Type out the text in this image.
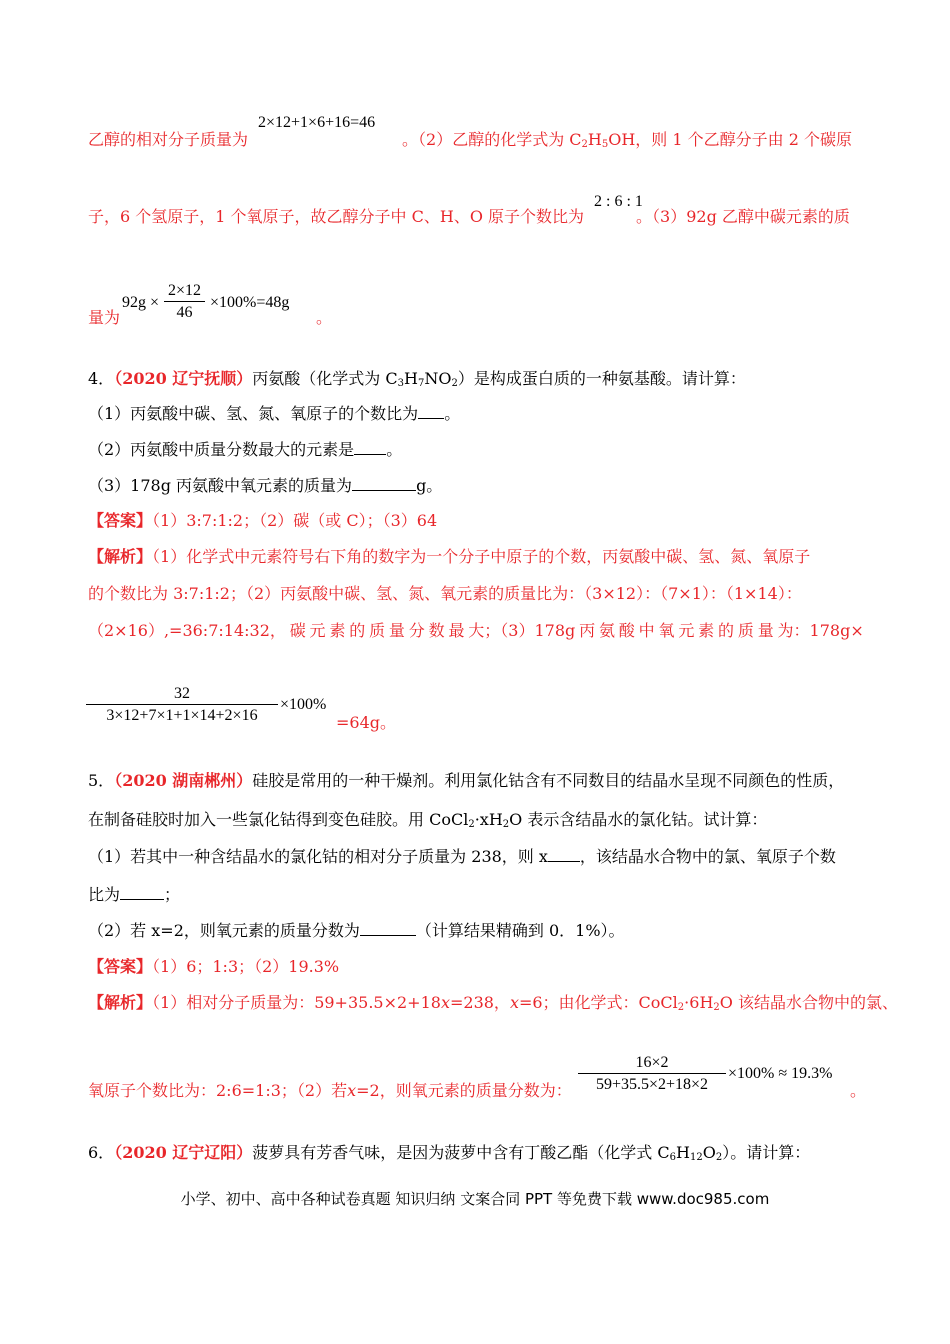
2×12+1×6+16=46
乙醇的相对分子质量为	。（2）乙醇的化学式为 $C_2H_5OH$，则 1 个乙醇分子由 2 个碳原
2 : 6 : 1
子，6 个氢原子，1 个氧原子，故乙醇分子中 C、H、O 原子个数比为	。（3）92g 乙醇中碳元素的质
92g ×
2×12
46
×100%=48g
量为	。
4．（2020 辽宁抚顺）丙氨酸（化学式为 $C_3H_7NO_2$）是构成蛋白质的一种氨基酸。请计算：
（1）丙氨酸中碳、氢、氮、氧原子的个数比为 。
（2）丙氨酸中质量分数最大的元素是 。
（3）178g 丙氨酸中氧元素的质量为	g。
【答案】（1）3:7:1:2；（2）碳（或 C）；（3）64
【解析】（1）化学式中元素符号右下角的数字为一个分子中原子的个数，丙氨酸中碳、氢、氮、氧原子
的个数比为 3:7:1:2；（2）丙氨酸中碳、氢、氮、氧元素的质量比为：（3×12）：（7×1）：（1×14）：
（2×16）,=36:7:14:32， 碳 元 素 的 质 量 分 数 最 大；（3）178g 丙 氨 酸 中 氧 元 素 的 质 量 为：178g×
32
3×12+7×1+1×14+2×16
×100%
=64g。
5．（2020 湖南郴州）硅胶是常用的一种干燥剂。利用氯化钴含有不同数目的结晶水呈现不同颜色的性质，
在制备硅胶时加入一些氯化钴得到变色硅胶。用 $CoCl_2\cdot xH_2O$ 表示含结晶水的氯化钴。试计算：
（1）若其中一种含结晶水的氯化钴的相对分子质量为 238，则 x ，该结晶水合物中的氯、氧原子个数
比为	；
（2）若 x=2，则氧元素的质量分数为	（计算结果精确到 0．1%）。
【答案】（1）6；1:3；（2）19.3%
【解析】（1）相对分子质量为：59+35.5×2+18x=238，x=6；由化学式：$CoCl_2\cdot 6H_2O$ 该结晶水合物中的氯、
16×2
59+35.5×2+18×2
×100% ≈ 19.3%
氧原子个数比为：2:6=1:3；（2）若x=2，则氧元素的质量分数为：	。
6．（2020 辽宁辽阳）菠萝具有芳香气味，是因为菠萝中含有丁酸乙酯（化学式 $C_6H_{12}O_2$）。请计算：
小学、初中、高中各种试卷真题 知识归纳 文案合同 PPT 等免费下载 www.doc985.com
